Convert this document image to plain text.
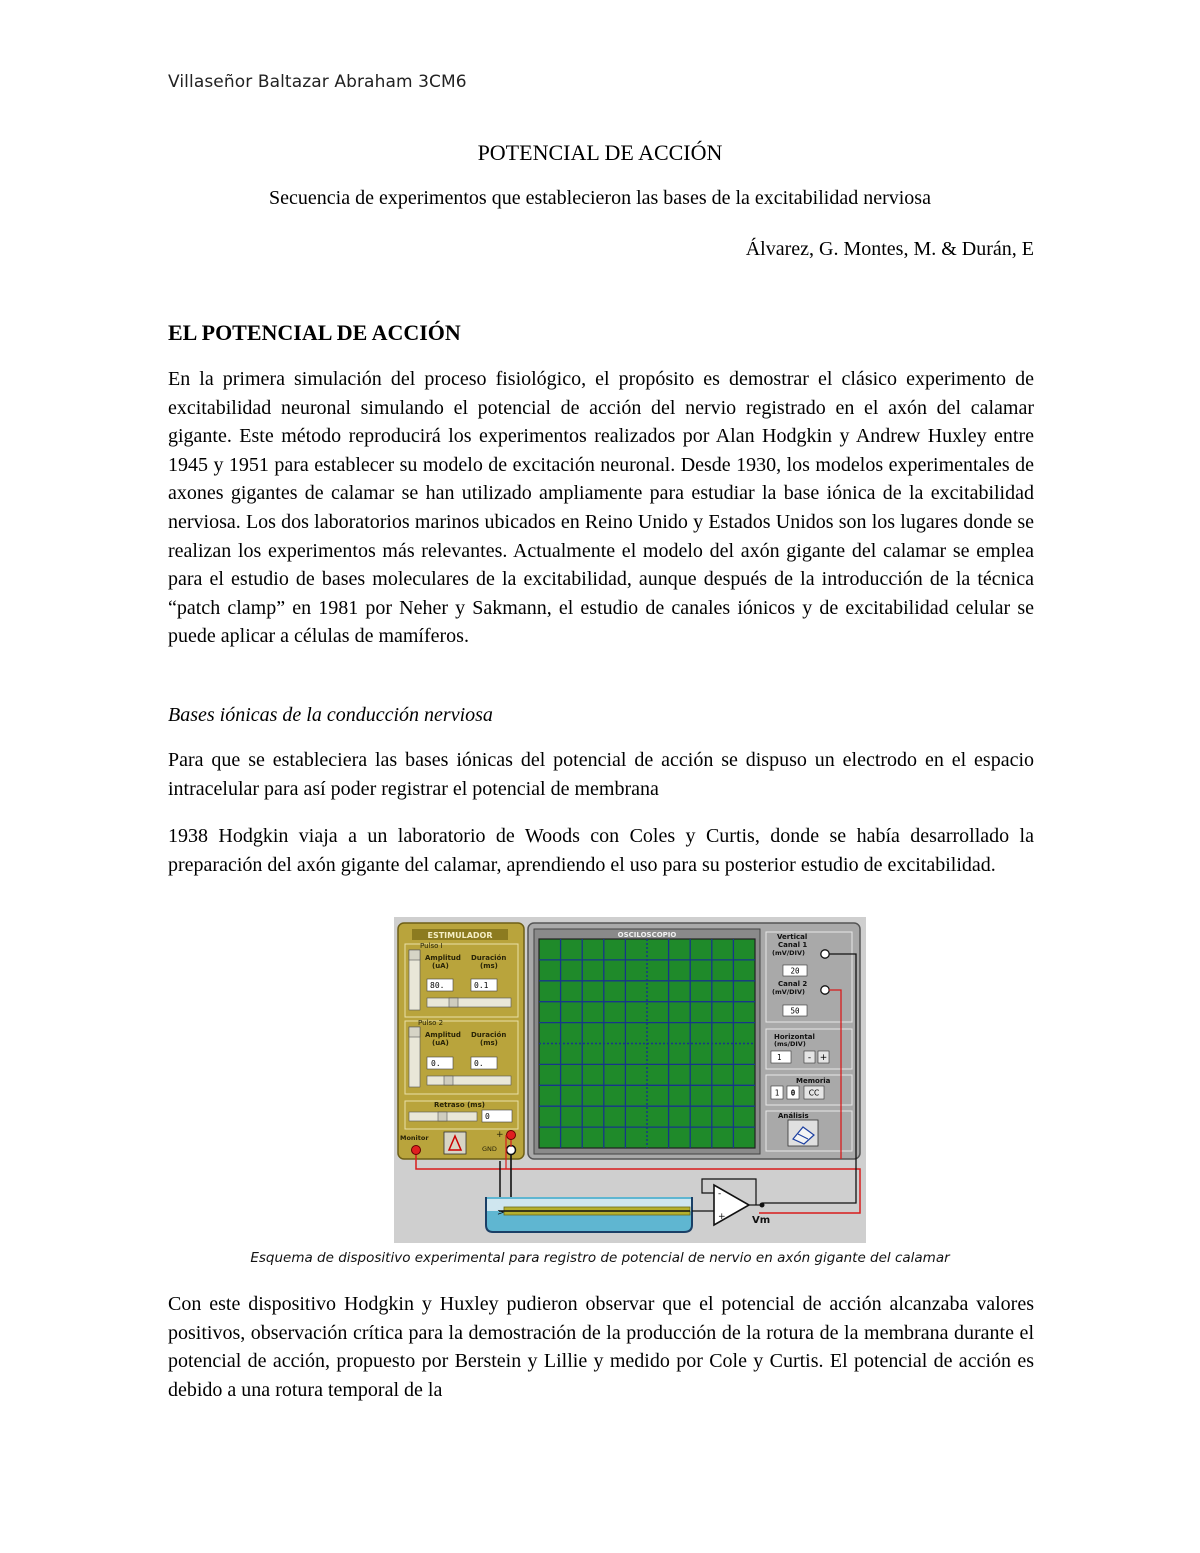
Villaseñor Baltazar Abraham 3CM6
POTENCIAL DE ACCIÓN
Secuencia de experimentos que establecieron las bases de la excitabilidad nerviosa
Álvarez, G. Montes, M. & Durán, E
EL POTENCIAL DE ACCIÓN
En la primera simulación del proceso fisiológico, el propósito es demostrar el clásico experimento de excitabilidad neuronal simulando el potencial de acción del nervio registrado en el axón del calamar gigante. Este método reproducirá los experimentos realizados por Alan Hodgkin y Andrew Huxley entre 1945 y 1951 para establecer su modelo de excitación neuronal. Desde 1930, los modelos experimentales de axones gigantes de calamar se han utilizado ampliamente para estudiar la base iónica de la excitabilidad nerviosa. Los dos laboratorios marinos ubicados en Reino Unido y Estados Unidos son los lugares donde se realizan los experimentos más relevantes. Actualmente el modelo del axón gigante del calamar se emplea para el estudio de bases moleculares de la excitabilidad, aunque después de la introducción de la técnica “patch clamp” en 1981 por Neher y Sakmann, el estudio de canales iónicos y de excitabilidad celular se puede aplicar a células de mamíferos.
Bases iónicas de la conducción nerviosa
Para que se estableciera las bases iónicas del potencial de acción se dispuso un electrodo en el espacio intracelular para así poder registrar el potencial de membrana
1938 Hodgkin viaja a un laboratorio de Woods con Coles y Curtis, donde se había desarrollado la preparación del axón gigante del calamar, aprendiendo el uso para su posterior estudio de excitabilidad.
ESTIMULADOR
Pulso I
Amplitud
(uA)
Duración
(ms)
80.	0.1
Pulso 2
Amplitud
(uA)
Duración
(ms)
0.	0.
Retraso (ms)
0
Monitor	+
GND
OSCILOSCOPIO	Vertical
Canal 1
(mV/DIV)
20
Canal 2
(mV/DIV)
50
Horizontal
(ms/DIV)
1	- +
Memoria
1 0 CC
Análisis
>
-
+	Vm
Esquema de dispositivo experimental para registro de potencial de nervio en axón gigante del calamar
Con este dispositivo Hodgkin y Huxley pudieron observar que el potencial de acción alcanzaba valores positivos, observación crítica para la demostración de la producción de la rotura de la membrana durante el potencial de acción, propuesto por Berstein y Lillie y medido por Cole y Curtis. El potencial de acción es debido a una rotura temporal de la
